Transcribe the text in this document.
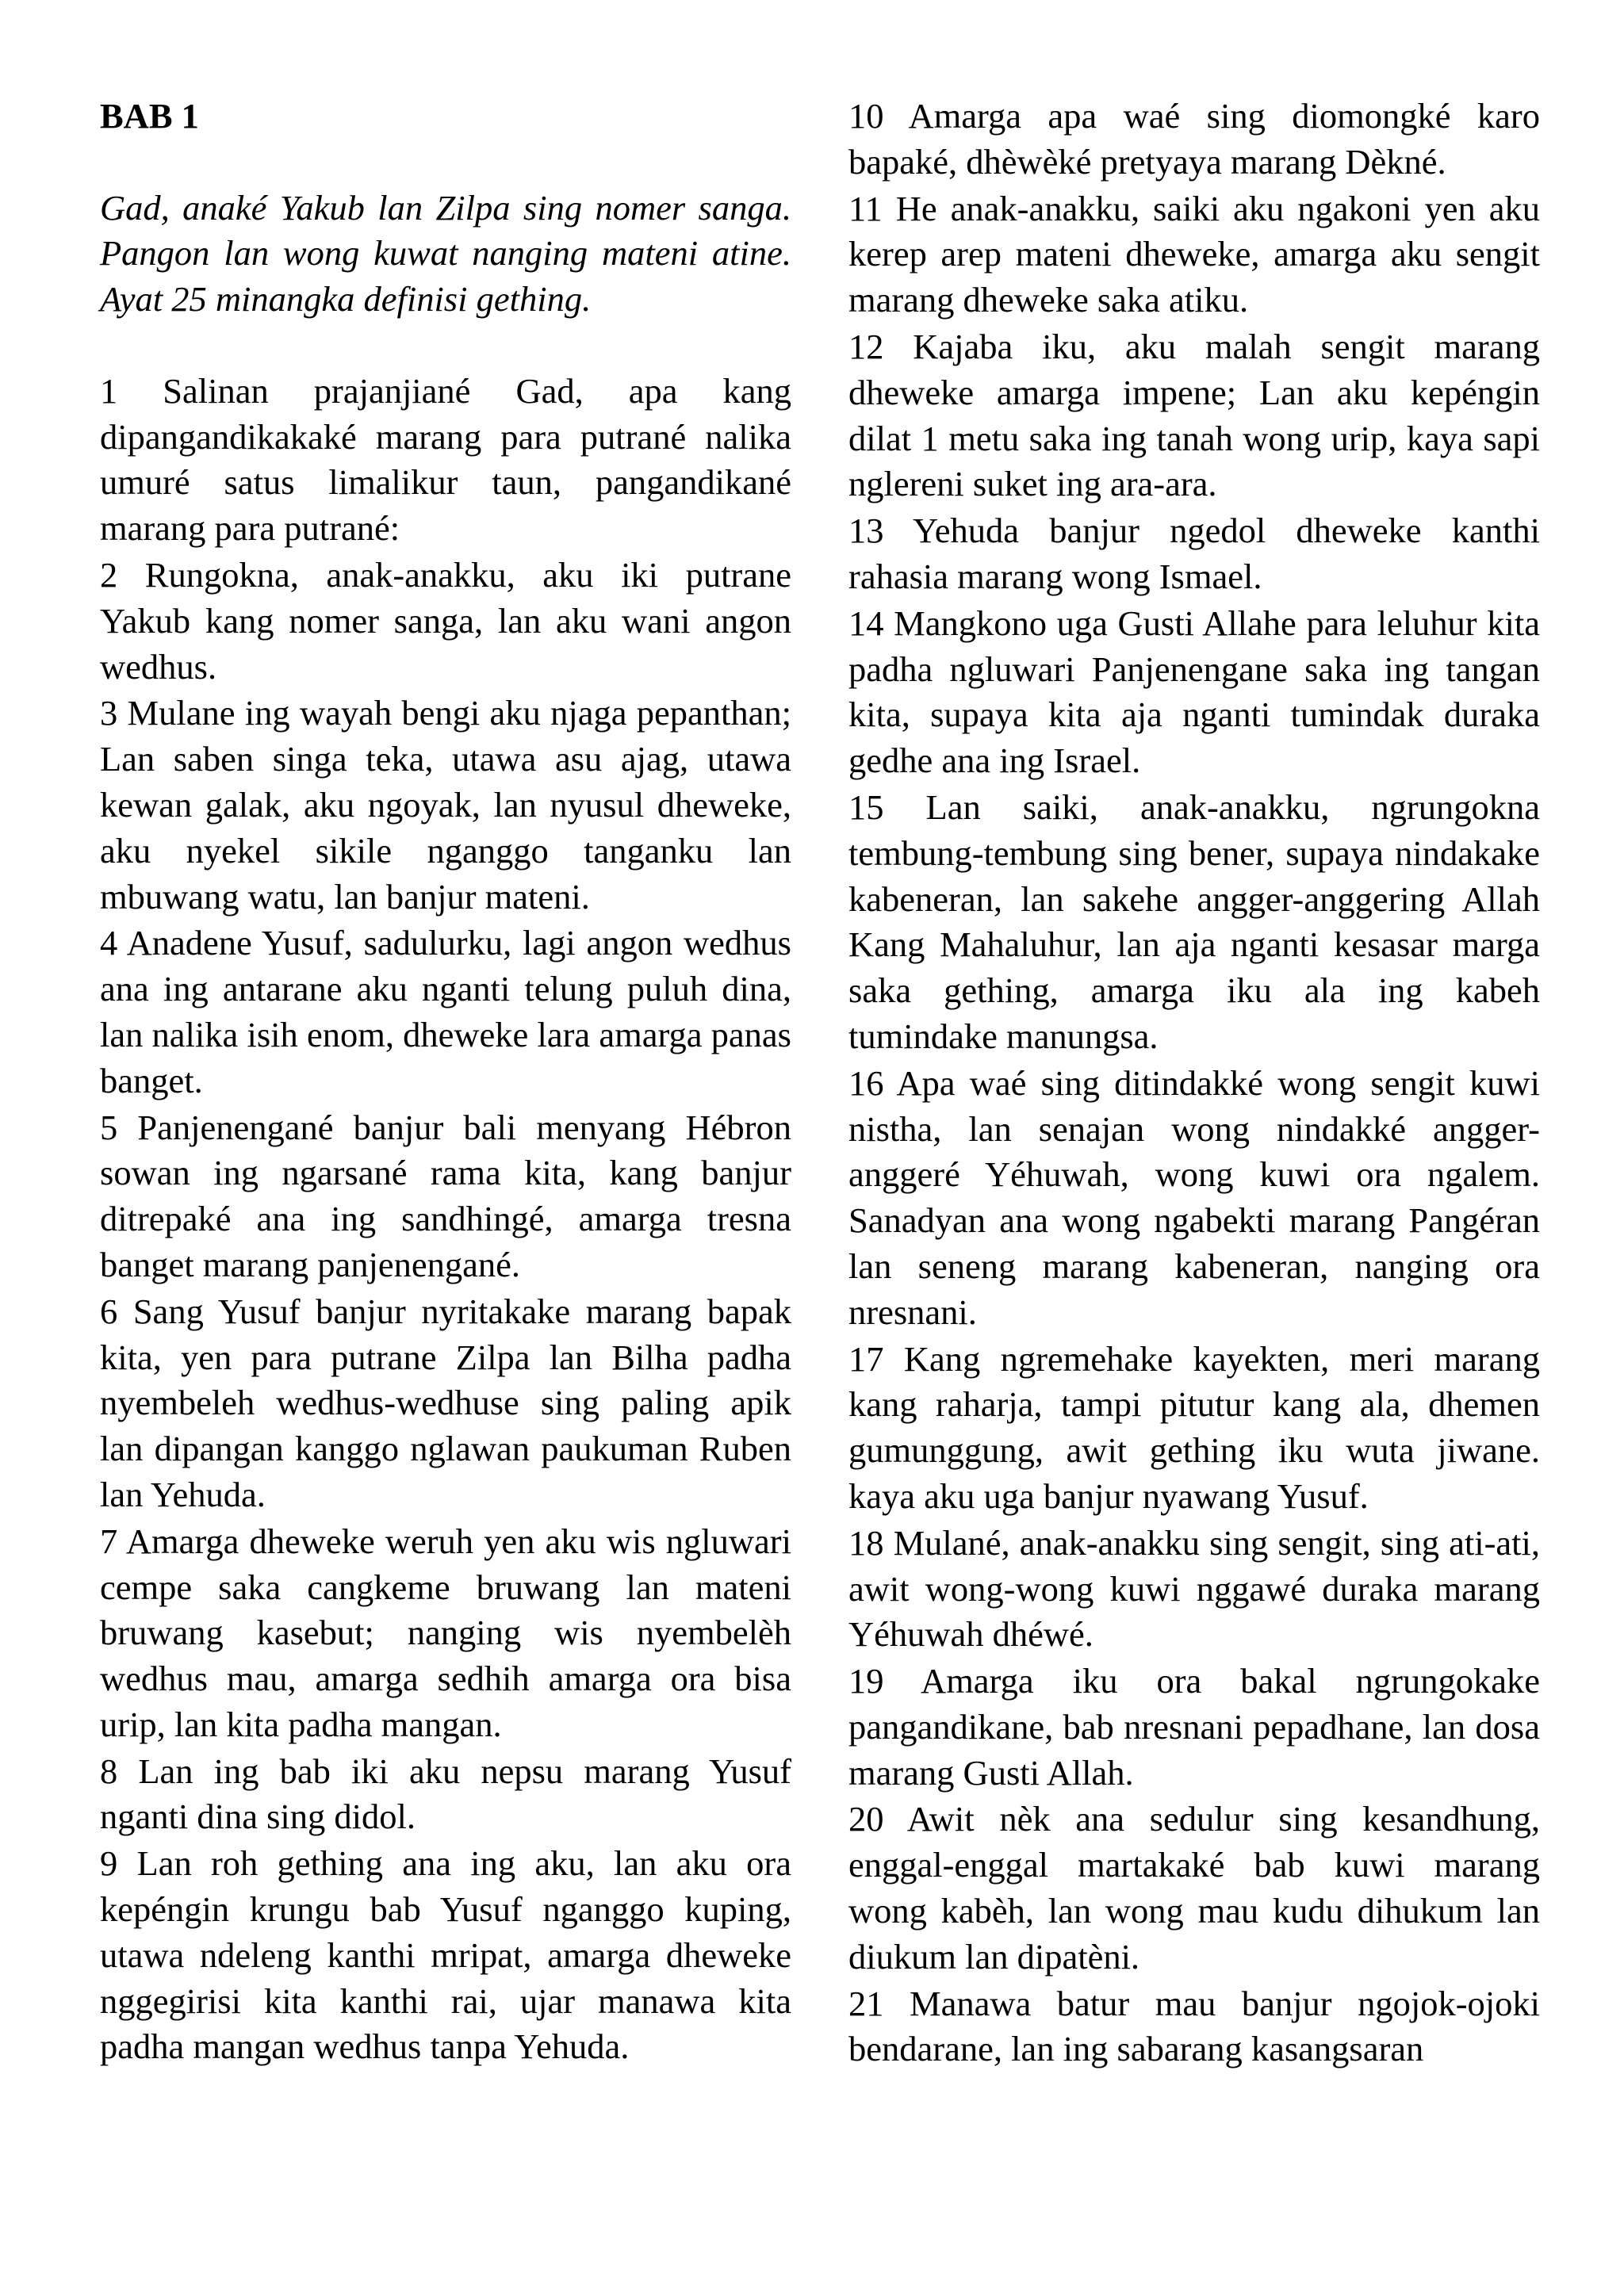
BAB 1
Gad, anaké Yakub lan Zilpa sing nomer sanga. Pangon lan wong kuwat nanging mateni atine. Ayat 25 minangka definisi gething.
1 Salinan prajanjiané Gad, apa kang dipangandikakaké marang para putrané nalika umuré satus limalikur taun, pangandikané marang para putrané:
2 Rungokna, anak-anakku, aku iki putrane Yakub kang nomer sanga, lan aku wani angon wedhus.
3 Mulane ing wayah bengi aku njaga pepanthan; Lan saben singa teka, utawa asu ajag, utawa kewan galak, aku ngoyak, lan nyusul dheweke, aku nyekel sikile nganggo tanganku lan mbuwang watu, lan banjur mateni.
4 Anadene Yusuf, sadulurku, lagi angon wedhus ana ing antarane aku nganti telung puluh dina, lan nalika isih enom, dheweke lara amarga panas banget.
5 Panjenengané banjur bali menyang Hébron sowan ing ngarsané rama kita, kang banjur ditrepaké ana ing sandhingé, amarga tresna banget marang panjenengané.
6 Sang Yusuf banjur nyritakake marang bapak kita, yen para putrane Zilpa lan Bilha padha nyembeleh wedhus-wedhuse sing paling apik lan dipangan kanggo nglawan paukuman Ruben lan Yehuda.
7 Amarga dheweke weruh yen aku wis ngluwari cempe saka cangkeme bruwang lan mateni bruwang kasebut; nanging wis nyembelèh wedhus mau, amarga sedhih amarga ora bisa urip, lan kita padha mangan.
8 Lan ing bab iki aku nepsu marang Yusuf nganti dina sing didol.
9 Lan roh gething ana ing aku, lan aku ora kepéngin krungu bab Yusuf nganggo kuping, utawa ndeleng kanthi mripat, amarga dheweke nggegirisi kita kanthi rai, ujar manawa kita padha mangan wedhus tanpa Yehuda.
10 Amarga apa waé sing diomongké karo bapaké, dhèwèké pretyaya marang Dèkné.
11 He anak-anakku, saiki aku ngakoni yen aku kerep arep mateni dheweke, amarga aku sengit marang dheweke saka atiku.
12 Kajaba iku, aku malah sengit marang dheweke amarga impene; Lan aku kepéngin dilat 1 metu saka ing tanah wong urip, kaya sapi nglereni suket ing ara-ara.
13 Yehuda banjur ngedol dheweke kanthi rahasia marang wong Ismael.
14 Mangkono uga Gusti Allahe para leluhur kita padha ngluwari Panjenengane saka ing tangan kita, supaya kita aja nganti tumindak duraka gedhe ana ing Israel.
15 Lan saiki, anak-anakku, ngrungokna tembung-tembung sing bener, supaya nindakake kabeneran, lan sakehe angger-anggering Allah Kang Mahaluhur, lan aja nganti kesasar marga saka gething, amarga iku ala ing kabeh tumindake manungsa.
16 Apa waé sing ditindakké wong sengit kuwi nistha, lan senajan wong nindakké angger-anggeré Yéhuwah, wong kuwi ora ngalem. Sanadyan ana wong ngabekti marang Pangéran lan seneng marang kabeneran, nanging ora nresnani.
17 Kang ngremehake kayekten, meri marang kang raharja, tampi pitutur kang ala, dhemen gumunggung, awit gething iku wuta jiwane. kaya aku uga banjur nyawang Yusuf.
18 Mulané, anak-anakku sing sengit, sing ati-ati, awit wong-wong kuwi nggawé duraka marang Yéhuwah dhéwé.
19 Amarga iku ora bakal ngrungokake pangandikane, bab nresnani pepadhane, lan dosa marang Gusti Allah.
20 Awit nèk ana sedulur sing kesandhung, enggal-enggal martakaké bab kuwi marang wong kabèh, lan wong mau kudu dihukum lan diukum lan dipatèni.
21 Manawa batur mau banjur ngojok-ojoki bendarane, lan ing sabarang kasangsaran
